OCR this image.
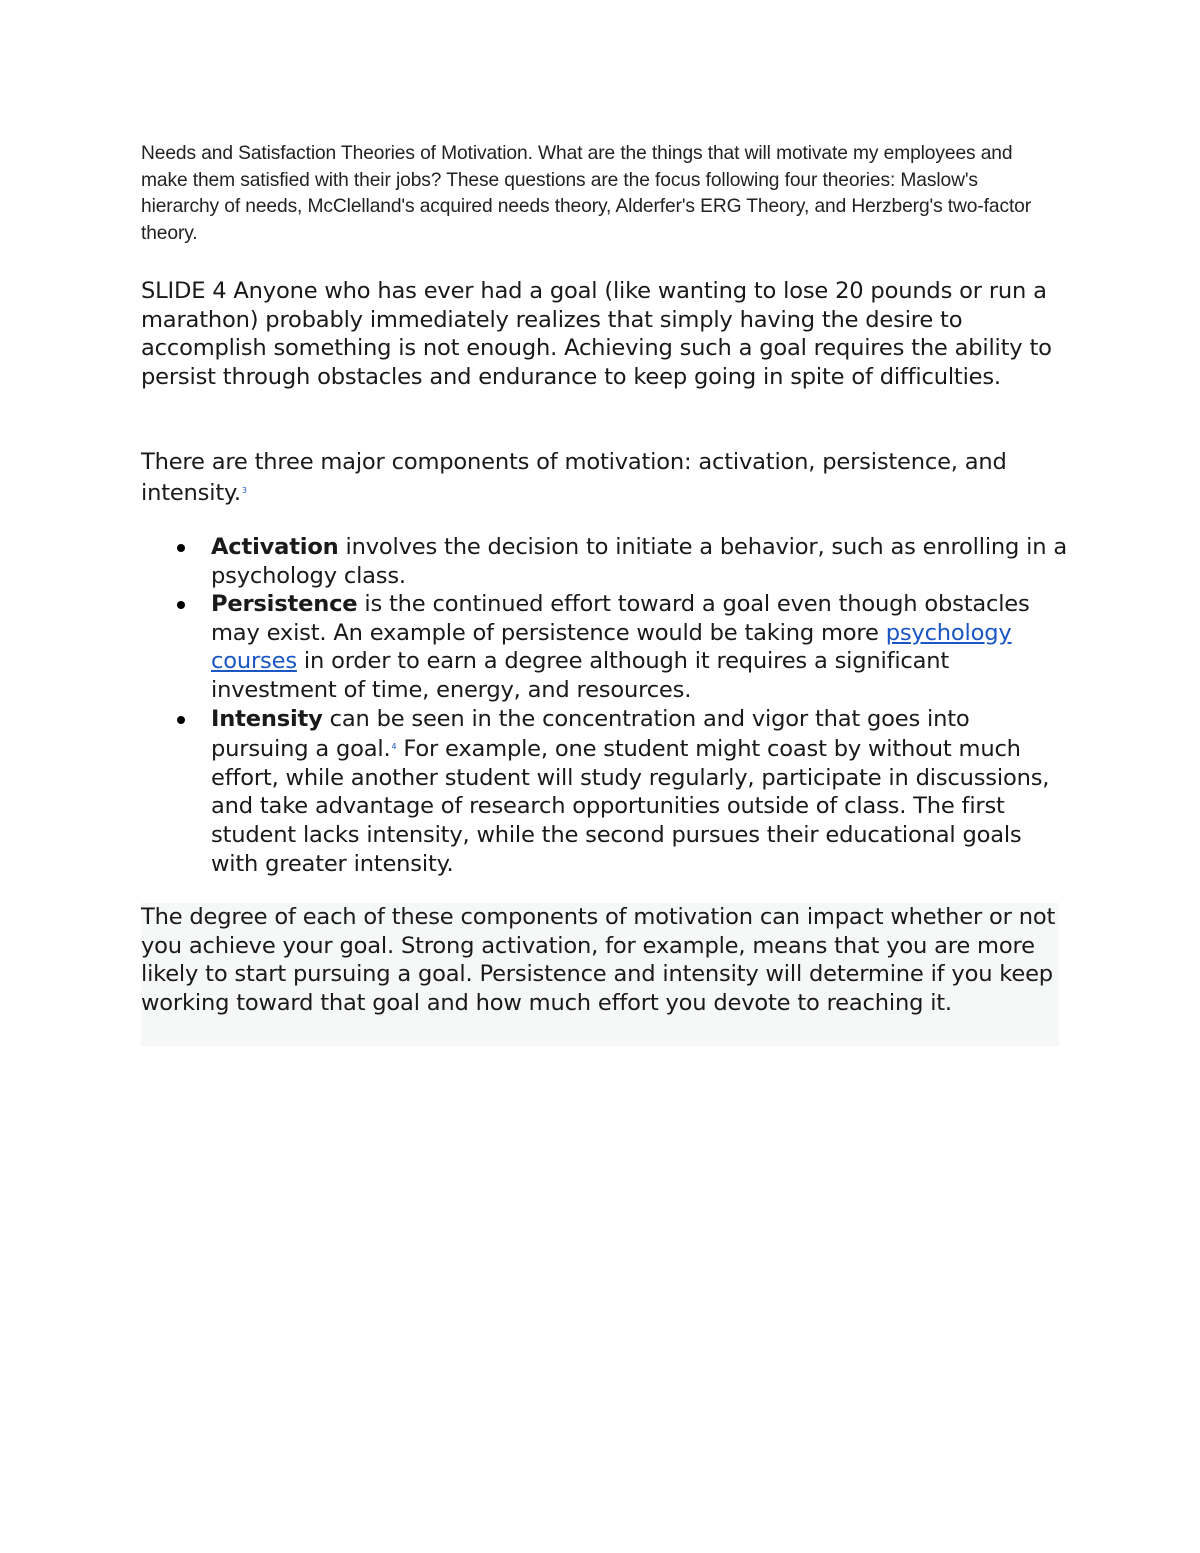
Needs and Satisfaction Theories of Motivation. What are the things that will motivate my employees and make them satisfied with their jobs? These questions are the focus following four theories: Maslow's hierarchy of needs, McClelland's acquired needs theory, Alderfer's ERG Theory, and Herzberg's two-factor theory.

SLIDE 4 Anyone who has ever had a goal (like wanting to lose 20 pounds or run a marathon) probably immediately realizes that simply having the desire to accomplish something is not enough. Achieving such a goal requires the ability to persist through obstacles and endurance to keep going in spite of difficulties.

There are three major components of motivation: activation, persistence, and intensity.$^3$

Activation involves the decision to initiate a behavior, such as enrolling in a psychology class.
Persistence is the continued effort toward a goal even though obstacles may exist. An example of persistence would be taking more psychology courses in order to earn a degree although it requires a significant investment of time, energy, and resources.
Intensity can be seen in the concentration and vigor that goes into pursuing a goal.$^4$ For example, one student might coast by without much effort, while another student will study regularly, participate in discussions, and take advantage of research opportunities outside of class. The first student lacks intensity, while the second pursues their educational goals with greater intensity.

The degree of each of these components of motivation can impact whether or not you achieve your goal. Strong activation, for example, means that you are more likely to start pursuing a goal. Persistence and intensity will determine if you keep working toward that goal and how much effort you devote to reaching it.
